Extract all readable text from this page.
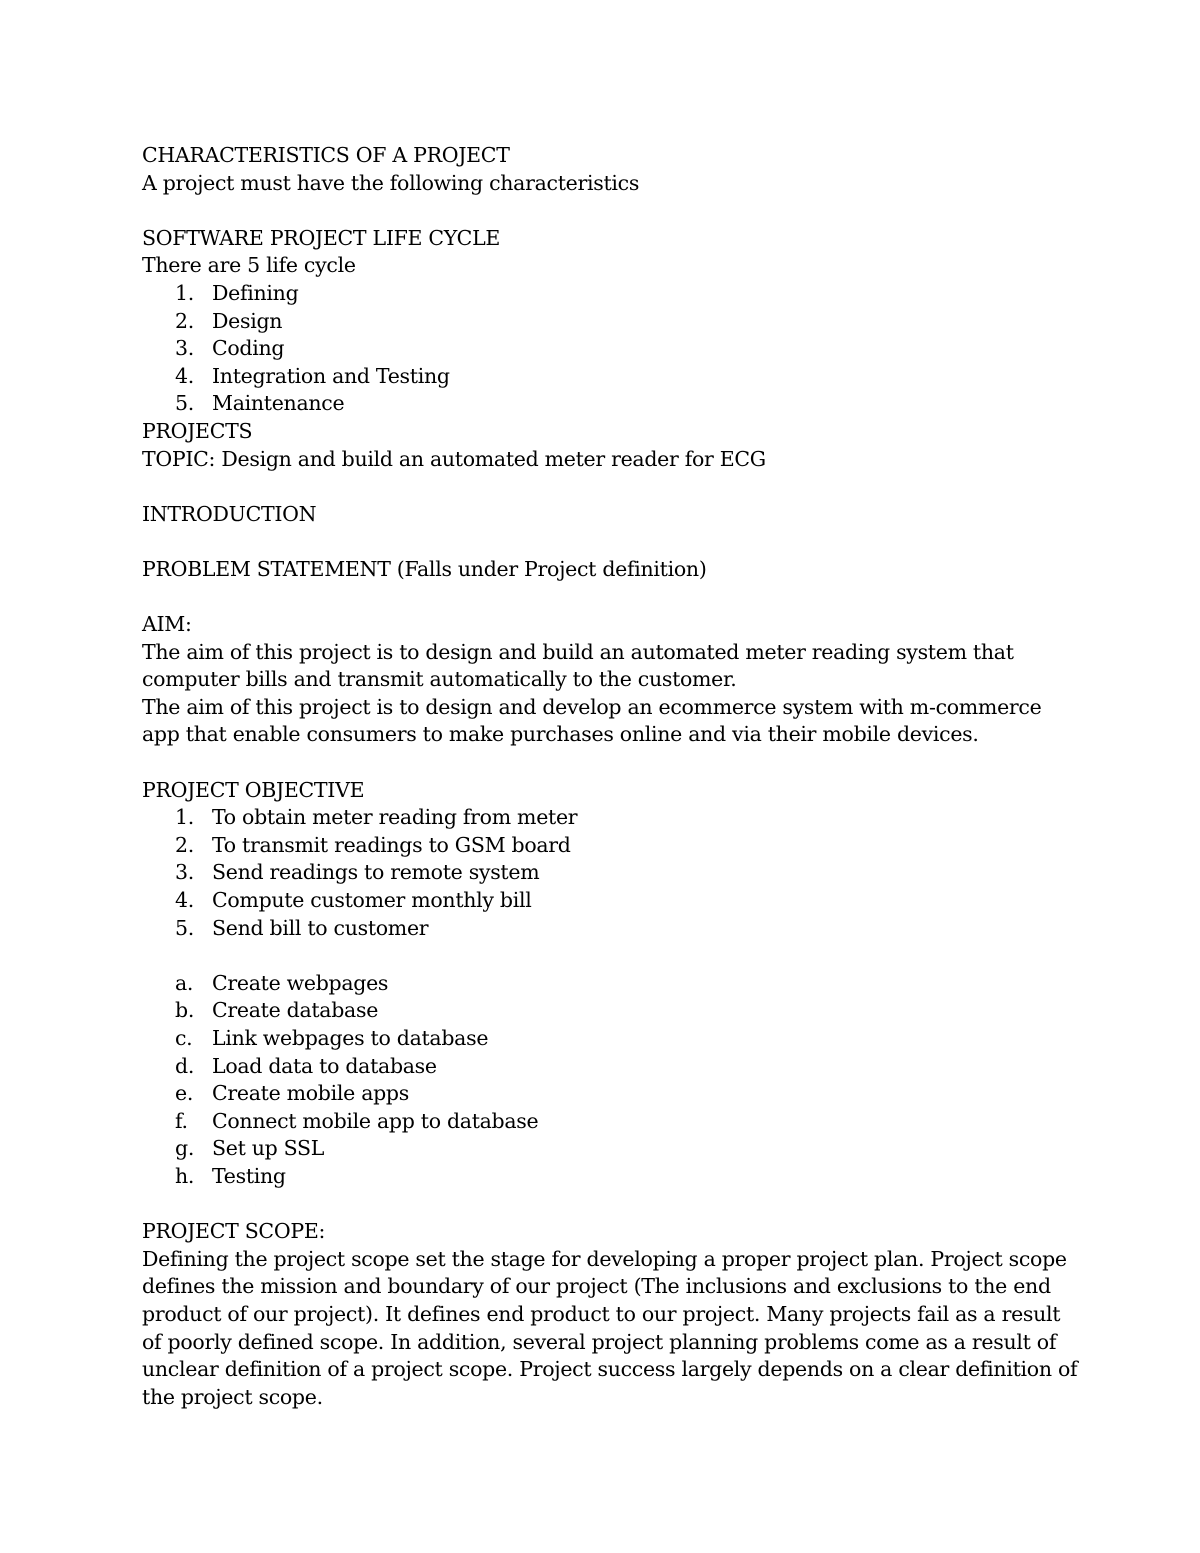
CHARACTERISTICS OF A PROJECT
A project must have the following characteristics
SOFTWARE PROJECT LIFE CYCLE
There are 5 life cycle
1. Defining
2. Design
3. Coding
4. Integration and Testing
5. Maintenance
PROJECTS
TOPIC: Design and build an automated meter reader for ECG
INTRODUCTION
PROBLEM STATEMENT (Falls under Project definition)
AIM:
The aim of this project is to design and build an automated meter reading system that
computer bills and transmit automatically to the customer.
The aim of this project is to design and develop an ecommerce system with m-commerce
app that enable consumers to make purchases online and via their mobile devices.
PROJECT OBJECTIVE
1. To obtain meter reading from meter
2. To transmit readings to GSM board
3. Send readings to remote system
4. Compute customer monthly bill
5. Send bill to customer
a. Create webpages
b. Create database
c. Link webpages to database
d. Load data to database
e. Create mobile apps
f. Connect mobile app to database
g. Set up SSL
h. Testing
PROJECT SCOPE:
Defining the project scope set the stage for developing a proper project plan. Project scope
defines the mission and boundary of our project (The inclusions and exclusions to the end
product of our project). It defines end product to our project. Many projects fail as a result
of poorly defined scope. In addition, several project planning problems come as a result of
unclear definition of a project scope. Project success largely depends on a clear definition of
the project scope.
